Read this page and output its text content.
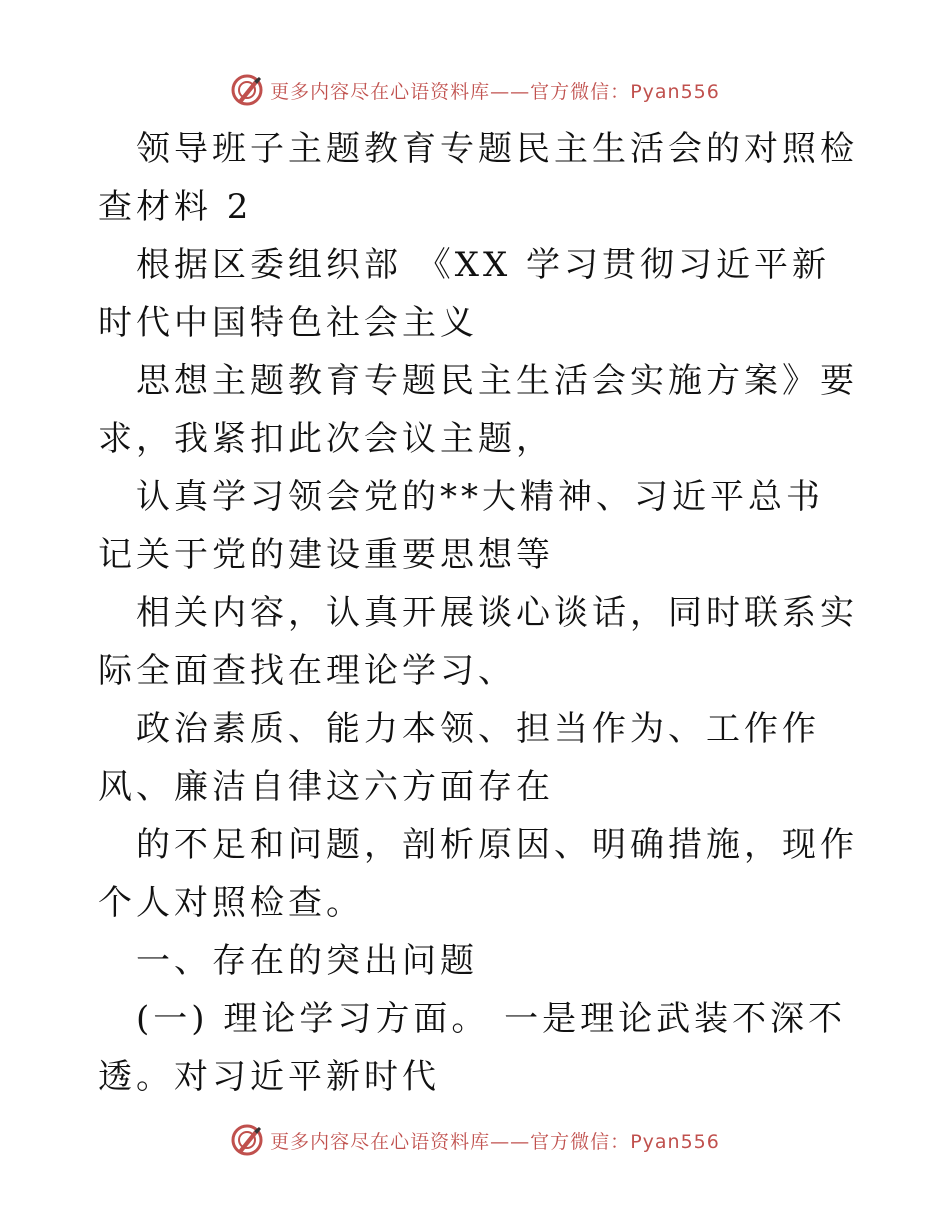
更多内容尽在心语资料库——官方微信：Pyan556

领导班子主题教育专题民主生活会的对照检查材料 2

根据区委组织部 《XX 学习贯彻习近平新时代中国特色社会主义

思想主题教育专题民主生活会实施方案》要求，我紧扣此次会议主题，

认真学习领会党的**大精神、习近平总书记关于党的建设重要思想等

相关内容，认真开展谈心谈话，同时联系实际全面查找在理论学习、

政治素质、能力本领、担当作为、工作作风、廉洁自律这六方面存在

的不足和问题，剖析原因、明确措施，现作个人对照检查。

一、存在的突出问题

(一) 理论学习方面。 一是理论武装不深不透。对习近平新时代

更多内容尽在心语资料库——官方微信：Pyan556
